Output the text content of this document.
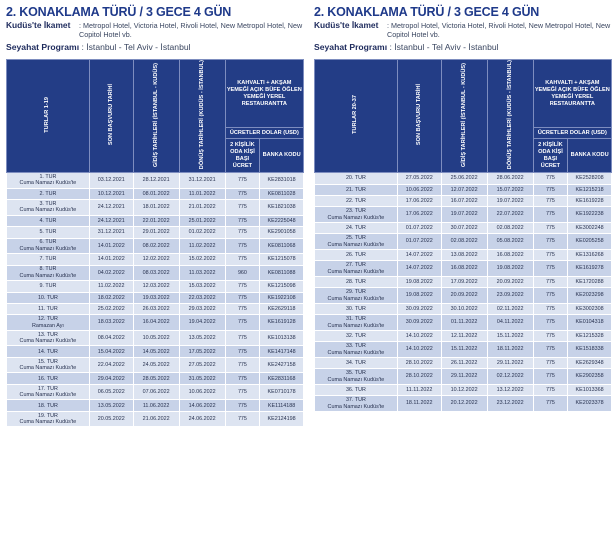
2. KONAKLAMA TÜRÜ / 3 GECE 4 GÜN
Kudüs'te İkamet : Metropol Hotel, Victoria Hotel, Rivoli Hotel, New Metropol Hotel, New Copitol Hotel vb.
Seyahat Programı : İstanbul - Tel Aviv - İstanbul
TURLAR 1-19	SON BAŞVURU TARİHİ	GİDİŞ TARİHLERİ (İSTANBUL - KUDÜS)	DÖNÜŞ TARİHLERİ (KUDÜS - İSTANBUL)	KAHVALTI + AKŞAM YEMEĞİ AÇIK BÜFE ÖĞLEN YEMEĞİ YEREL RESTAURANTTA	
				ÜCRETLER DOLAR (USD)	
				2 KİŞİLİK ODA KİŞİ BAŞI ÜCRET	BANKA KODU

1. TUR
Cuma Namazı Kudüs'te	03.12.2021	28.12.2021	31.12.2021	775	KE2831018

2. TUR	10.12.2021	08.01.2022	11.01.2022	775	KE0811028

3. TUR
Cuma Namazı Kudüs'te	24.12.2021	18.01.2022	21.01.2022	775	KE1821038

4. TUR	24.12.2021	22.01.2022	25.01.2022	775	KE2225048

5. TUR	31.12.2021	29.01.2022	01.02.2022	775	KE2901058

6. TUR
Cuma Namazı Kudüs'te	14.01.2022	08.02.2022	11.02.2022	775	KE0811068

7. TUR	14.01.2022	12.02.2022	15.02.2022	775	KE1215078

8. TUR
Cuma Namazı Kudüs'te	04.02.2022	08.03.2022	11.03.2022	960	KE0811088

9. TUR	11.02.2022	12.03.2022	15.03.2022	775	KE1215098

10. TUR	18.02.2022	19.03.2022	22.03.2022	775	KE1922108

11. TUR	25.02.2022	26.03.2022	29.03.2022	775	KE2629118

12. TUR
Ramazan Ayı	18.03.2022	16.04.2022	19.04.2022	775	KE1619128

13. TUR
Cuma Namazı Kudüs'te	08.04.2022	10.05.2022	13.05.2022	775	KE1013138

14. TUR	15.04.2022	14.05.2022	17.05.2022	775	KE1417148

15. TUR
Cuma Namazı Kudüs'te	22.04.2022	24.05.2022	27.05.2022	775	KE2427158

16. TUR	29.04.2022	28.05.2022	31.05.2022	775	KE2831168

17. TUR
Cuma Namazı Kudüs'te	06.05.2022	07.06.2022	10.06.2022	775	KE0710178

18. TUR	13.05.2022	11.06.2022	14.06.2022	775	KE1114188

19. TUR
Cuma Namazı Kudüs'te	20.05.2022	21.06.2022	24.06.2022	775	KE2124198
2. KONAKLAMA TÜRÜ / 3 GECE 4 GÜN
Kudüs'te İkamet : Metropol Hotel, Victoria Hotel, Rivoli Hotel, New Metropol Hotel, New Copitol Hotel vb.
Seyahat Programı : İstanbul - Tel Aviv - İstanbul
TURLAR 20-37	SON BAŞVURU TARİHİ	GİDİŞ TARİHLERİ (İSTANBUL - KUDÜS)	DÖNÜŞ TARİHLERİ (KUDÜS - İSTANBUL)	KAHVALTI + AKŞAM YEMEĞİ AÇIK BÜFE ÖĞLEN YEMEĞİ YEREL RESTAURANTTA	
				ÜCRETLER DOLAR (USD)	
				2 KİŞİLİK ODA KİŞİ BAŞI ÜCRET	BANKA KODU

20. TUR	27.05.2022	25.06.2022	28.06.2022	775	KE2528208

21. TUR	10.06.2022	12.07.2022	15.07.2022	775	KE1215218

22. TUR	17.06.2022	16.07.2022	19.07.2022	775	KE1619228

23. TUR
Cuma Namazı Kudüs'te	17.06.2022	19.07.2022	22.07.2022	775	KE1922238

24. TUR	01.07.2022	30.07.2022	02.08.2022	775	KE3002248

25. TUR
Cuma Namazı Kudüs'te	01.07.2022	02.08.2022	05.08.2022	775	KE0205258

26. TUR	14.07.2022	13.08.2022	16.08.2022	775	KE1316268

27. TUR
Cuma Namazı Kudüs'te	14.07.2022	16.08.2022	19.08.2022	775	KE1619278

28. TUR	19.08.2022	17.09.2022	20.09.2022	775	KE1720288

29. TUR
Cuma Namazı Kudüs'te	19.08.2022	20.09.2022	23.09.2022	775	KE2023298

30. TUR	30.09.2022	30.10.2022	02.11.2022	775	KE3002308

31. TUR
Cuma Namazı Kudüs'te	30.09.2022	01.11.2022	04.11.2022	775	KE0104318

32. TUR	14.10.2022	12.11.2022	15.11.2022	775	KE1215328

33. TUR
Cuma Namazı Kudüs'te	14.10.2022	15.11.2022	18.11.2022	775	KE1518338

34. TUR	28.10.2022	26.11.2022	29.11.2022	775	KE2629348

35. TUR
Cuma Namazı Kudüs'te	28.10.2022	29.11.2022	02.12.2022	775	KE2902358

36. TUR	11.11.2022	10.12.2022	13.12.2022	775	KE1013368

37. TUR
Cuma Namazı Kudüs'te	18.11.2022	20.12.2022	23.12.2022	775	KE2023378
